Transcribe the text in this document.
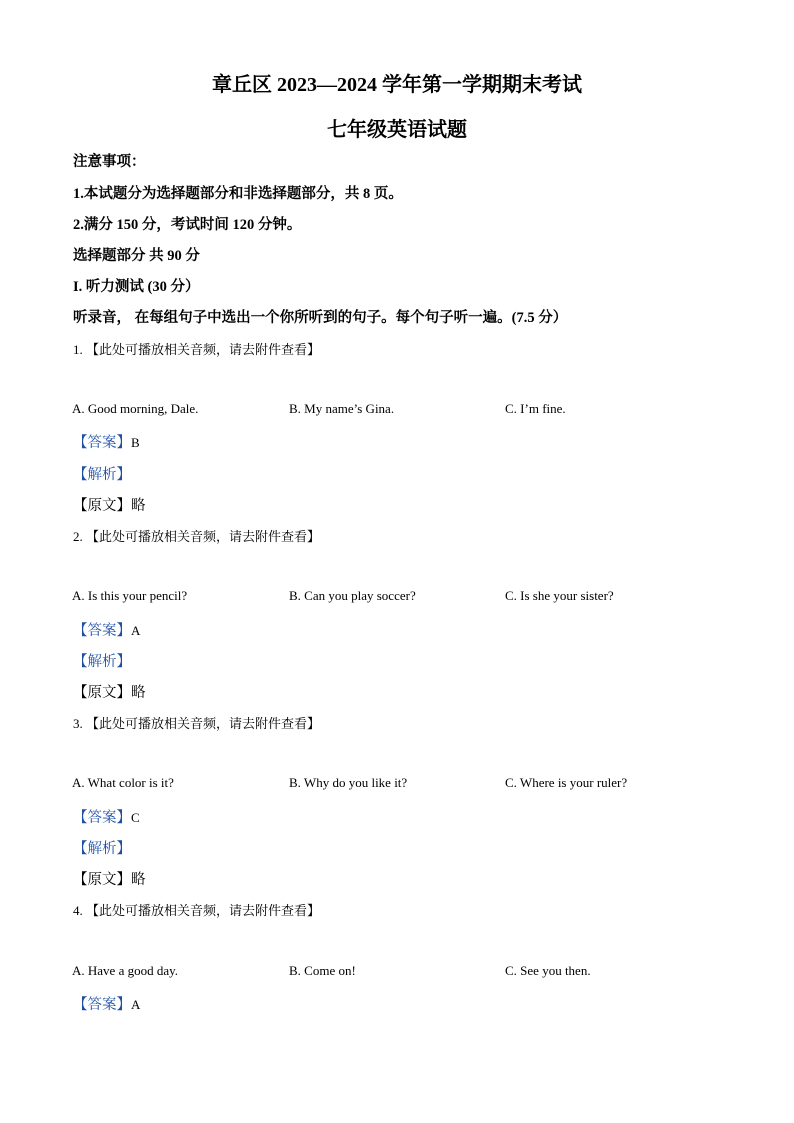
章丘区 2023—2024 学年第一学期期末考试
七年级英语试题
注意事项：
1.本试题分为选择题部分和非选择题部分，共 8 页。
2.满分 150 分，考试时间 120 分钟。
选择题部分 共 90 分
I. 听力测试 (30 分）
听录音， 在每组句子中选出一个你所听到的句子。每个句子听一遍。(7.5 分）
1. 【此处可播放相关音频，请去附件查看】
A. Good morning, Dale.	B. My name’s Gina.	C. I’m fine.
【答案】B
【解析】
【原文】略
2. 【此处可播放相关音频，请去附件查看】
A. Is this your pencil?	B. Can you play soccer?	C. Is she your sister?
【答案】A
【解析】
【原文】略
3. 【此处可播放相关音频，请去附件查看】
A. What color is it?	B. Why do you like it?	C. Where is your ruler?
【答案】C
【解析】
【原文】略
4. 【此处可播放相关音频，请去附件查看】
A. Have a good day.	B. Come on!	C. See you then.
【答案】A
